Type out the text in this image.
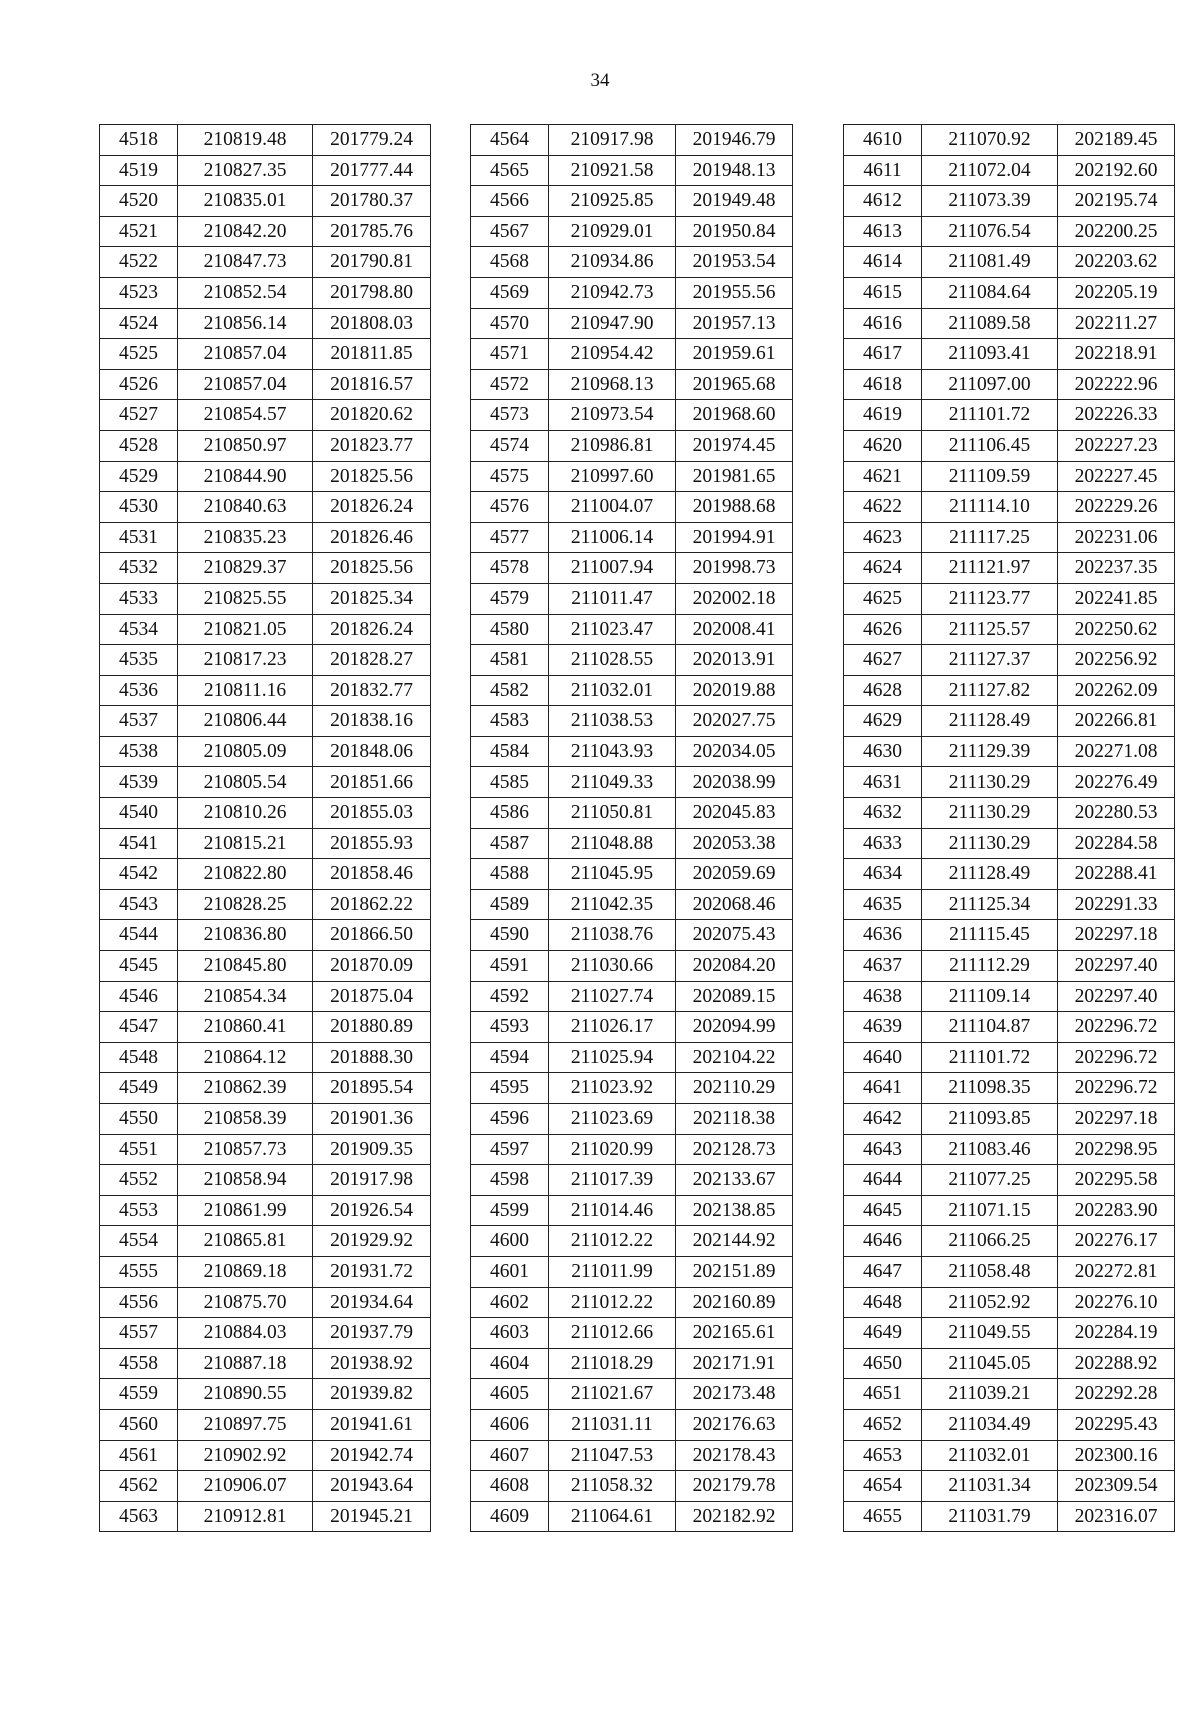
34
4518	210819.48	201779.24
4519	210827.35	201777.44
4520	210835.01	201780.37
4521	210842.20	201785.76
4522	210847.73	201790.81
4523	210852.54	201798.80
4524	210856.14	201808.03
4525	210857.04	201811.85
4526	210857.04	201816.57
4527	210854.57	201820.62
4528	210850.97	201823.77
4529	210844.90	201825.56
4530	210840.63	201826.24
4531	210835.23	201826.46
4532	210829.37	201825.56
4533	210825.55	201825.34
4534	210821.05	201826.24
4535	210817.23	201828.27
4536	210811.16	201832.77
4537	210806.44	201838.16
4538	210805.09	201848.06
4539	210805.54	201851.66
4540	210810.26	201855.03
4541	210815.21	201855.93
4542	210822.80	201858.46
4543	210828.25	201862.22
4544	210836.80	201866.50
4545	210845.80	201870.09
4546	210854.34	201875.04
4547	210860.41	201880.89
4548	210864.12	201888.30
4549	210862.39	201895.54
4550	210858.39	201901.36
4551	210857.73	201909.35
4552	210858.94	201917.98
4553	210861.99	201926.54
4554	210865.81	201929.92
4555	210869.18	201931.72
4556	210875.70	201934.64
4557	210884.03	201937.79
4558	210887.18	201938.92
4559	210890.55	201939.82
4560	210897.75	201941.61
4561	210902.92	201942.74
4562	210906.07	201943.64
4563	210912.81	201945.21
4564	210917.98	201946.79
4565	210921.58	201948.13
4566	210925.85	201949.48
4567	210929.01	201950.84
4568	210934.86	201953.54
4569	210942.73	201955.56
4570	210947.90	201957.13
4571	210954.42	201959.61
4572	210968.13	201965.68
4573	210973.54	201968.60
4574	210986.81	201974.45
4575	210997.60	201981.65
4576	211004.07	201988.68
4577	211006.14	201994.91
4578	211007.94	201998.73
4579	211011.47	202002.18
4580	211023.47	202008.41
4581	211028.55	202013.91
4582	211032.01	202019.88
4583	211038.53	202027.75
4584	211043.93	202034.05
4585	211049.33	202038.99
4586	211050.81	202045.83
4587	211048.88	202053.38
4588	211045.95	202059.69
4589	211042.35	202068.46
4590	211038.76	202075.43
4591	211030.66	202084.20
4592	211027.74	202089.15
4593	211026.17	202094.99
4594	211025.94	202104.22
4595	211023.92	202110.29
4596	211023.69	202118.38
4597	211020.99	202128.73
4598	211017.39	202133.67
4599	211014.46	202138.85
4600	211012.22	202144.92
4601	211011.99	202151.89
4602	211012.22	202160.89
4603	211012.66	202165.61
4604	211018.29	202171.91
4605	211021.67	202173.48
4606	211031.11	202176.63
4607	211047.53	202178.43
4608	211058.32	202179.78
4609	211064.61	202182.92
4610	211070.92	202189.45
4611	211072.04	202192.60
4612	211073.39	202195.74
4613	211076.54	202200.25
4614	211081.49	202203.62
4615	211084.64	202205.19
4616	211089.58	202211.27
4617	211093.41	202218.91
4618	211097.00	202222.96
4619	211101.72	202226.33
4620	211106.45	202227.23
4621	211109.59	202227.45
4622	211114.10	202229.26
4623	211117.25	202231.06
4624	211121.97	202237.35
4625	211123.77	202241.85
4626	211125.57	202250.62
4627	211127.37	202256.92
4628	211127.82	202262.09
4629	211128.49	202266.81
4630	211129.39	202271.08
4631	211130.29	202276.49
4632	211130.29	202280.53
4633	211130.29	202284.58
4634	211128.49	202288.41
4635	211125.34	202291.33
4636	211115.45	202297.18
4637	211112.29	202297.40
4638	211109.14	202297.40
4639	211104.87	202296.72
4640	211101.72	202296.72
4641	211098.35	202296.72
4642	211093.85	202297.18
4643	211083.46	202298.95
4644	211077.25	202295.58
4645	211071.15	202283.90
4646	211066.25	202276.17
4647	211058.48	202272.81
4648	211052.92	202276.10
4649	211049.55	202284.19
4650	211045.05	202288.92
4651	211039.21	202292.28
4652	211034.49	202295.43
4653	211032.01	202300.16
4654	211031.34	202309.54
4655	211031.79	202316.07
